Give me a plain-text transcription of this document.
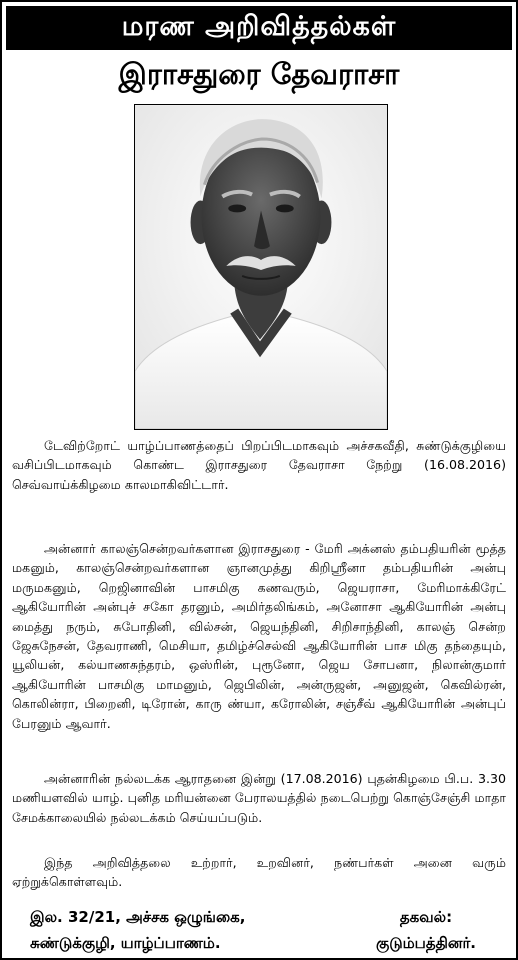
மரண அறிவித்தல்கள்
இராசதுரை தேவராசா
டேவிற்றோட் யாழ்ப்பாணத்தைப் பிறப்பிடமாகவும் அச்சகவீதி, சுண்டுக்குழியை வசிப்பிடமாகவும் கொண்ட இராசதுரை தேவராசா நேற்று (16.08.2016) செவ்வாய்க்கிழமை காலமாகிவிட்டார்.
அன்னார் காலஞ்சென்றவர்களான இராசதுரை - மேரி அக்னஸ் தம்பதியரின் மூத்த மகனும், காலஞ்சென்றவர்களான ஞானமுத்து கிறிஸ்ரீனா தம்பதியரின் அன்பு மருமகனும், றெஜினாவின் பாசமிகு கணவரும், ஜெயராசா, மேரிமாக்கிரேட் ஆகியோரின் அன்புச் சகோ தரனும், அமிர்தலிங்கம், அனோசா ஆகியோரின் அன்பு மைத்து நரும், சுபோதினி, வில்சன், ஜெயந்தினி, சிறிசாந்தினி, காலஞ் சென்ற ஜேசுநேசன், தேவராணி, மெசியா, தமிழ்ச்செல்வி ஆகியோரின் பாச மிகு தந்தையும், யூலியன், கல்யாணசுந்தரம், ஒஸ்ரின், புரூனோ, ஜெய சோபனா, நிலான்குமார் ஆகியோரின் பாசமிகு மாமனும், ஜெபிலின், அன்ருஜன், அனுஜன், கெவில்ரன், கொலின்ரா, பிறைனி, டிரோன், காரு ண்யா, கரோலின், சஞ்சீவ் ஆகியோரின் அன்புப் பேரனும் ஆவார்.
அன்னாரின் நல்லடக்க ஆராதனை இன்று (17.08.2016) புதன்கிழமை பி.ப. 3.30 மணியளவில் யாழ். புனித மரியன்னை பேராலயத்தில் நடைபெற்று கொஞ்சேஞ்சி மாதா சேமக்காலையில் நல்லடக்கம் செய்யப்படும்.
இந்த அறிவித்தலை உற்றார், உறவினர், நண்பர்கள் அனை வரும் ஏற்றுக்கொள்ளவும்.
இல. 32/21, அச்சக ஒழுங்கை,
சுண்டுக்குழி, யாழ்ப்பாணம்.
தகவல்:
குடும்பத்தினர்.
